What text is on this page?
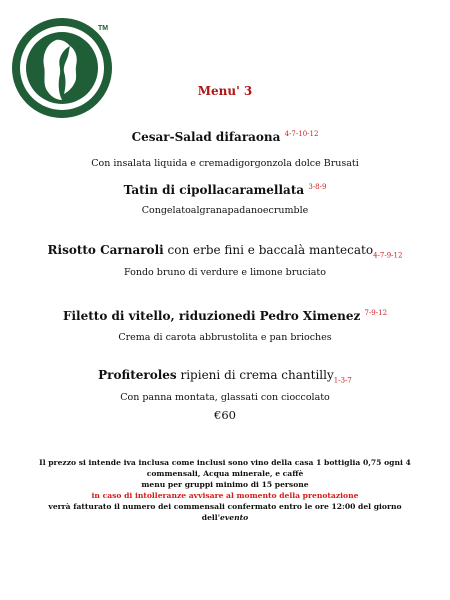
TM
Menu' 3
Cesar-Salad difaraona $^{4-7-10-12}$
Con insalata liquida e cremadigorgonzola dolce Brusati
Tatin di cipollacaramellata $^{3-8-9}$
Congelatoalgranapadanoecrumble
Risotto Carnaroli con erbe fini e baccalà mantecato$_{4-7-9-12}$
Fondo bruno di verdure e limone bruciato
Filetto di vitello, riduzionedi Pedro Ximenez $^{7-9-12}$
Crema di carota abbrustolita e pan brioches
Profiteroles ripieni di crema chantilly$_{1-3-7}$
Con panna montata, glassati con cioccolato
€60
Il prezzo si intende iva inclusa come inclusi sono vino della casa 1 bottiglia 0,75 ogni 4
commensali, Acqua minerale, e caffè
menu per gruppi minimo di 15 persone
in caso di intolleranze avvisare al momento della prenotazione
verrà fatturato il numero dei commensali confermato entro le ore 12:00 del giorno
dell'evento
